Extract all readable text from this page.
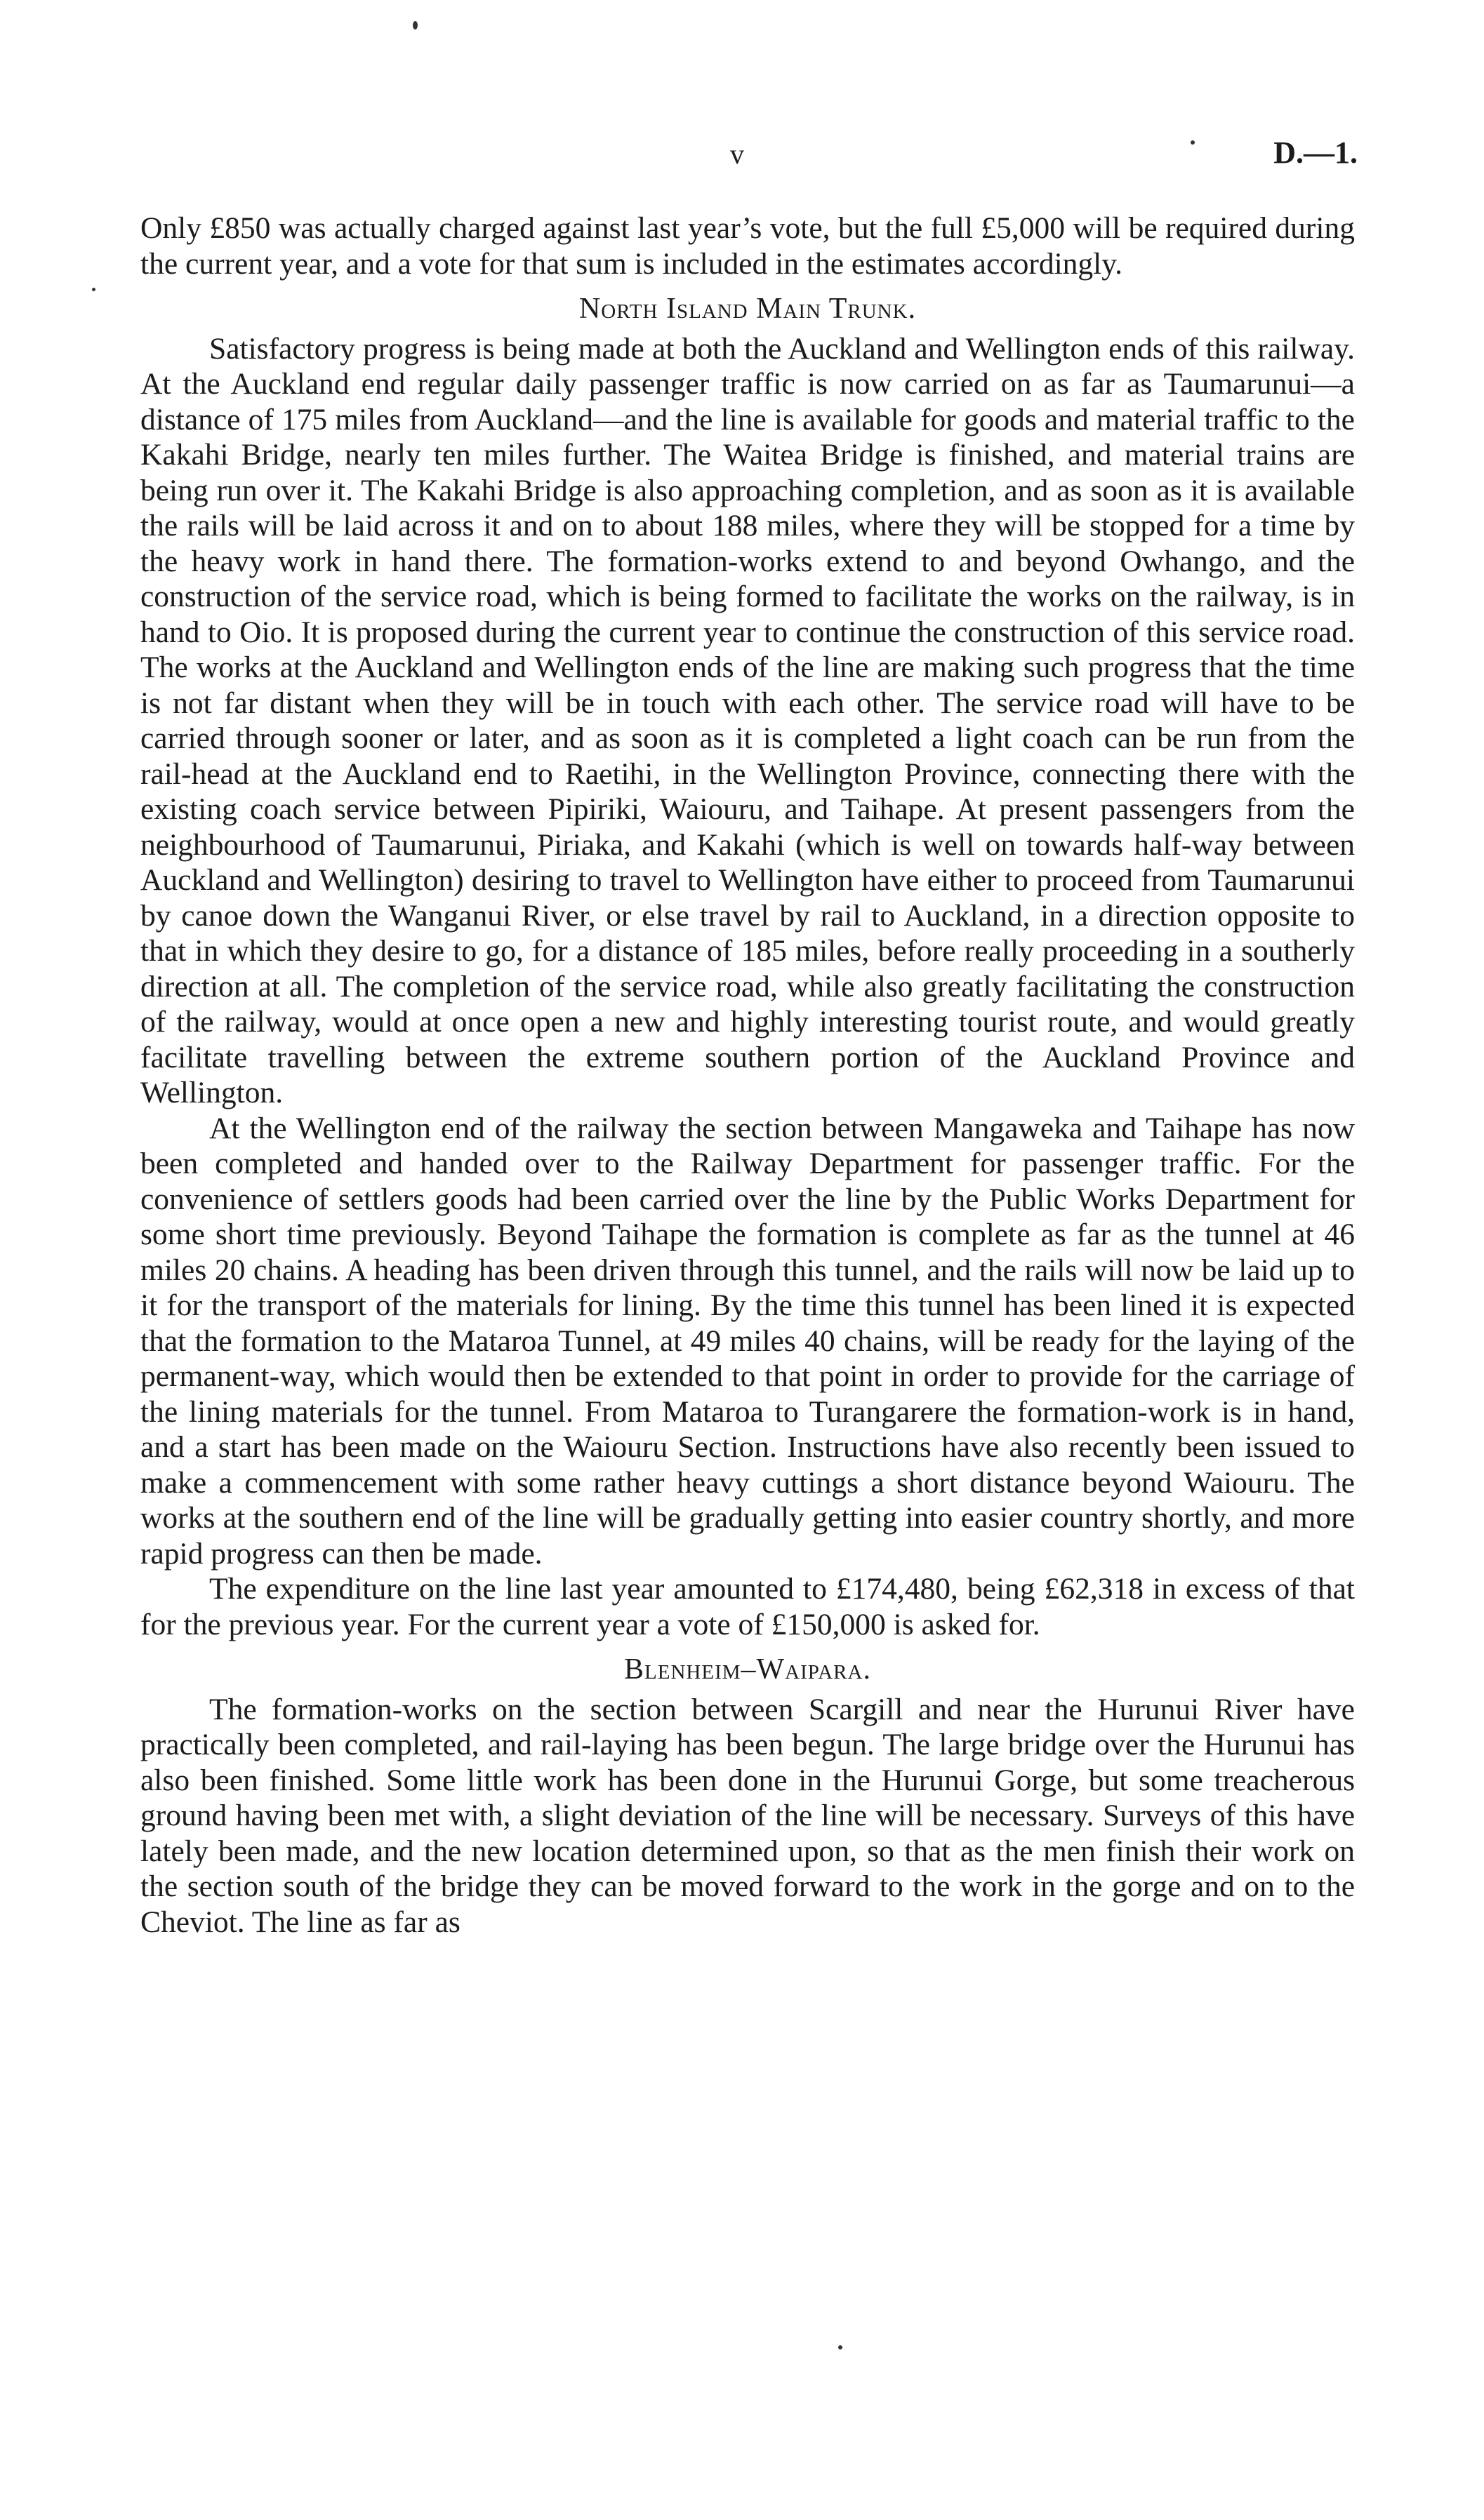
v	D.—1.

Only £850 was actually charged against last year’s vote, but the full £5,000 will be required during the current year, and a vote for that sum is included in the estimates accordingly.

North Island Main Trunk.

Satisfactory progress is being made at both the Auckland and Wellington ends of this railway. At the Auckland end regular daily passenger traffic is now carried on as far as Taumarunui—a distance of 175 miles from Auckland—and the line is available for goods and material traffic to the Kakahi Bridge, nearly ten miles further. The Waitea Bridge is finished, and material trains are being run over it. The Kakahi Bridge is also approaching completion, and as soon as it is available the rails will be laid across it and on to about 188 miles, where they will be stopped for a time by the heavy work in hand there. The formation-works extend to and beyond Owhango, and the construction of the service road, which is being formed to facilitate the works on the railway, is in hand to Oio. It is proposed during the current year to continue the construction of this service road. The works at the Auckland and Wellington ends of the line are making such progress that the time is not far distant when they will be in touch with each other. The service road will have to be carried through sooner or later, and as soon as it is completed a light coach can be run from the rail-head at the Auckland end to Raetihi, in the Wellington Province, connecting there with the existing coach service between Pipiriki, Waiouru, and Taihape. At present passengers from the neighbourhood of Taumarunui, Piriaka, and Kakahi (which is well on towards half-way between Auckland and Wellington) desiring to travel to Wellington have either to proceed from Taumarunui by canoe down the Wanganui River, or else travel by rail to Auckland, in a direction opposite to that in which they desire to go, for a distance of 185 miles, before really proceeding in a southerly direction at all. The completion of the service road, while also greatly facilitating the construction of the railway, would at once open a new and highly interesting tourist route, and would greatly facilitate travelling between the extreme southern portion of the Auckland Province and Wellington.

At the Wellington end of the railway the section between Mangaweka and Taihape has now been completed and handed over to the Railway Department for passenger traffic. For the convenience of settlers goods had been carried over the line by the Public Works Department for some short time previously. Beyond Taihape the formation is complete as far as the tunnel at 46 miles 20 chains. A heading has been driven through this tunnel, and the rails will now be laid up to it for the transport of the materials for lining. By the time this tunnel has been lined it is expected that the formation to the Mataroa Tunnel, at 49 miles 40 chains, will be ready for the laying of the permanent-way, which would then be extended to that point in order to provide for the carriage of the lining materials for the tunnel. From Mataroa to Turangarere the formation-work is in hand, and a start has been made on the Waiouru Section. Instructions have also recently been issued to make a commencement with some rather heavy cuttings a short distance beyond Waiouru. The works at the southern end of the line will be gradually getting into easier country shortly, and more rapid progress can then be made.

The expenditure on the line last year amounted to £174,480, being £62,318 in excess of that for the previous year. For the current year a vote of £150,000 is asked for.

Blenheim–Waipara.

The formation-works on the section between Scargill and near the Hurunui River have practically been completed, and rail-laying has been begun. The large bridge over the Hurunui has also been finished. Some little work has been done in the Hurunui Gorge, but some treacherous ground having been met with, a slight deviation of the line will be necessary. Surveys of this have lately been made, and the new location determined upon, so that as the men finish their work on the section south of the bridge they can be moved forward to the work in the gorge and on to the Cheviot. The line as far as
